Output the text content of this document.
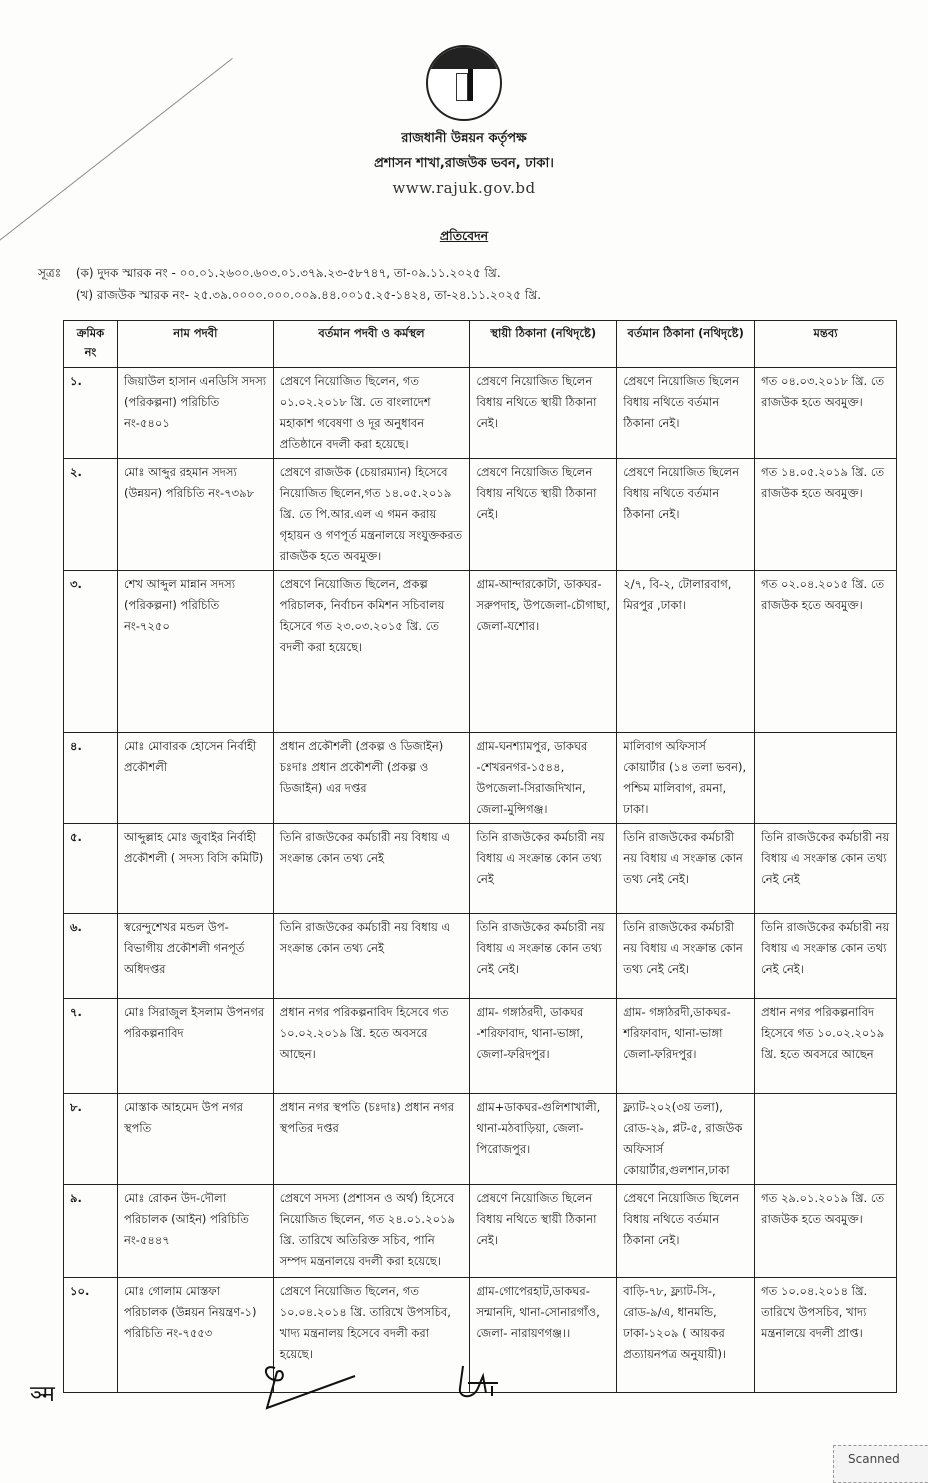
রাজধানী উন্নয়ন কর্তৃপক্ষ
প্রশাসন শাখা,রাজউক ভবন, ঢাকা।
www.rajuk.gov.bd
প্রতিবেদন
সূত্রঃ (ক) দুদক স্মারক নং - ০০.০১.২৬০০.৬০৩.০১.৩৭৯.২৩-৫৮৭৪৭, তা-০৯.১১.২০২৫ খ্রি.
(খ) রাজউক স্মারক নং- ২৫.৩৯.০০০০.০০০.০০৯.৪৪.০০১৫.২৫-১৪২৪, তা-২৪.১১.২০২৫ খ্রি.
ক্রমিক নং	নাম পদবী	বর্তমান পদবী ও কর্মস্থল	স্থায়ী ঠিকানা (নথিদৃষ্টে)	বর্তমান ঠিকানা (নথিদৃষ্টে)	মন্তব্য
১.	জিয়াউল হাসান এনডিসি সদস্য (পরিকল্পনা) পরিচিতি নং-৫৪০১	প্রেষণে নিয়োজিত ছিলেন, গত ০১.০২.২০১৮ খ্রি. তে বাংলাদেশ মহাকাশ গবেষণা ও দূর অনুধাবন প্রতিষ্ঠানে বদলী করা হয়েছে।	প্রেষণে নিয়োজিত ছিলেন বিধায় নথিতে স্থায়ী ঠিকানা নেই।	প্রেষণে নিয়োজিত ছিলেন বিধায় নথিতে বর্তমান ঠিকানা নেই।	গত ০৪.০৩.২০১৮ খ্রি. তে রাজউক হতে অবমুক্ত।
২.	মোঃ আব্দুর রহমান সদস্য (উন্নয়ন) পরিচিতি নং-৭৩৯৮	প্রেষণে রাজউক (চেয়ারম্যান) হিসেবে নিয়োজিত ছিলেন,গত ১৪.০৫.২০১৯ খ্রি. তে পি.আর.এল এ গমন করায় গৃহায়ন ও গণপূর্ত মন্ত্রনালয়ে সংযুক্তকরত রাজউক হতে অবমুক্ত।	প্রেষণে নিয়োজিত ছিলেন বিধায় নথিতে স্থায়ী ঠিকানা নেই।	প্রেষণে নিয়োজিত ছিলেন বিধায় নথিতে বর্তমান ঠিকানা নেই।	গত ১৪.০৫.২০১৯ খ্রি. তে রাজউক হতে অবমুক্ত।
৩.	শেখ আব্দুল মান্নান সদস্য (পরিকল্পনা) পরিচিতি নং-৭২৫০	প্রেষণে নিয়োজিত ছিলেন, প্রকল্প পরিচালক, নির্বাচন কমিশন সচিবালয় হিসেবে গত ২৩.০৩.২০১৫ খ্রি. তে বদলী করা হয়েছে।	গ্রাম-আন্দারকোটা, ডাকঘর-সরুপদাহ, উপজেলা-চৌগাছা, জেলা-যশোর।	২/৭, বি-২, টোলারবাগ, মিরপুর ,ঢাকা।	গত ০২.০৪.২০১৫ খ্রি. তে রাজউক হতে অবমুক্ত।
৪.	মোঃ মোবারক হোসেন নির্বাহী প্রকৌশলী	প্রধান প্রকৌশলী (প্রকল্প ও ডিজাইন) চঃদাঃ প্রধান প্রকৌশলী (প্রকল্প ও ডিজাইন) এর দপ্তর	গ্রাম-ঘনশ্যামপুর, ডাকঘর -শেখরনগর-১৫৪৪, উপজেলা-সিরাজদিখান, জেলা-মুন্সিগঞ্জ।	মালিবাগ অফিসার্স কোয়ার্টার (১৪ তলা ভবন), পশ্চিম মালিবাগ, রমনা, ঢাকা।	
৫.	আব্দুল্লাহ মোঃ জুবাইর নির্বাহী প্রকৌশলী ( সদস্য বিসি কমিটি)	তিনি রাজউকের কর্মচারী নয় বিধায় এ সংক্রান্ত কোন তথ্য নেই	তিনি রাজউকের কর্মচারী নয় বিধায় এ সংক্রান্ত কোন তথ্য নেই	তিনি রাজউকের কর্মচারী নয় বিধায় এ সংক্রান্ত কোন তথ্য নেই নেই।	তিনি রাজউকের কর্মচারী নয় বিধায় এ সংক্রান্ত কোন তথ্য নেই নেই
৬.	স্বরেন্দুশেখর মন্ডল উপ-বিভাগীয় প্রকৌশলী গনপূর্ত অধিদপ্তর	তিনি রাজউকের কর্মচারী নয় বিধায় এ সংক্রান্ত কোন তথ্য নেই	তিনি রাজউকের কর্মচারী নয় বিধায় এ সংক্রান্ত কোন তথ্য নেই নেই।	তিনি রাজউকের কর্মচারী নয় বিধায় এ সংক্রান্ত কোন তথ্য নেই নেই।	তিনি রাজউকের কর্মচারী নয় বিধায় এ সংক্রান্ত কোন তথ্য নেই নেই।
৭.	মোঃ সিরাজুল ইসলাম উপনগর পরিকল্পনাবিদ	প্রধান নগর পরিকল্পনাবিদ হিসেবে গত ১০.০২.২০১৯ খ্রি. হতে অবসরে আছেন।	গ্রাম- গঙ্গাঠরদী, ডাকঘর -শরিফাবাদ, থানা-ভাঙ্গা, জেলা-ফরিদপুর।	গ্রাম- গঙ্গাঠরদী,ডাকঘর-শরিফাবাদ, থানা-ভাঙ্গা জেলা-ফরিদপুর।	প্রধান নগর পরিকল্পনাবিদ হিসেবে গত ১০.০২.২০১৯ খ্রি. হতে অবসরে আছেন
৮.	মোস্তাক আহমেদ উপ নগর স্থপতি	প্রধান নগর স্থপতি (চঃদাঃ) প্রধান নগর স্থপতির দপ্তর	গ্রাম+ডাকঘর-গুলিশাখালী, থানা-মঠবাড়িয়া, জেলা-পিরোজপুর।	ফ্ল্যাট-২০২(৩য় তলা), রোড-২৯, প্লট-৫, রাজউক অফিসার্স কোয়ার্টার,গুলশান,ঢাকা	
৯.	মোঃ রোকন উদ-দৌলা পরিচালক (আইন) পরিচিতি নং-৫৪৪৭	প্রেষণে সদস্য (প্রশাসন ও অর্থ) হিসেবে নিয়োজিত ছিলেন, গত ২৪.০১.২০১৯ খ্রি. তারিখে অতিরিক্ত সচিব, পানি সম্পদ মন্ত্রনালয়ে বদলী করা হয়েছে।	প্রেষণে নিয়োজিত ছিলেন বিধায় নথিতে স্থায়ী ঠিকানা নেই।	প্রেষণে নিয়োজিত ছিলেন বিধায় নথিতে বর্তমান ঠিকানা নেই।	গত ২৯.০১.২০১৯ খ্রি. তে রাজউক হতে অবমুক্ত।
১০.	মোঃ গোলাম মোস্তফা পরিচালক (উন্নয়ন নিয়ন্ত্রণ-১) পরিচিতি নং-৭৫৫৩	প্রেষণে নিয়োজিত ছিলেন, গত ১০.০৪.২০১৪ খ্রি. তারিখে উপসচিব, খাদ্য মন্ত্রনালয় হিসেবে বদলী করা হয়েছে।	গ্রাম-গোপেরহাট,ডাকঘর-সন্মানদি, থানা-সোনারগাঁও, জেলা- নারায়ণগঞ্জ।।	বাড়ি-৭৮, ফ্ল্যাট-সি-, রোড-৯/এ, ধানমন্ডি, ঢাকা-১২০৯ ( আয়কর প্রত্যায়নপত্র অনুযায়ী)।	গত ১০.০৪.২০১৪ খ্রি. তারিখে উপসচিব, খাদ্য মন্ত্রনালয়ে বদলী প্রাপ্ত।
ञ्म
Scanned
